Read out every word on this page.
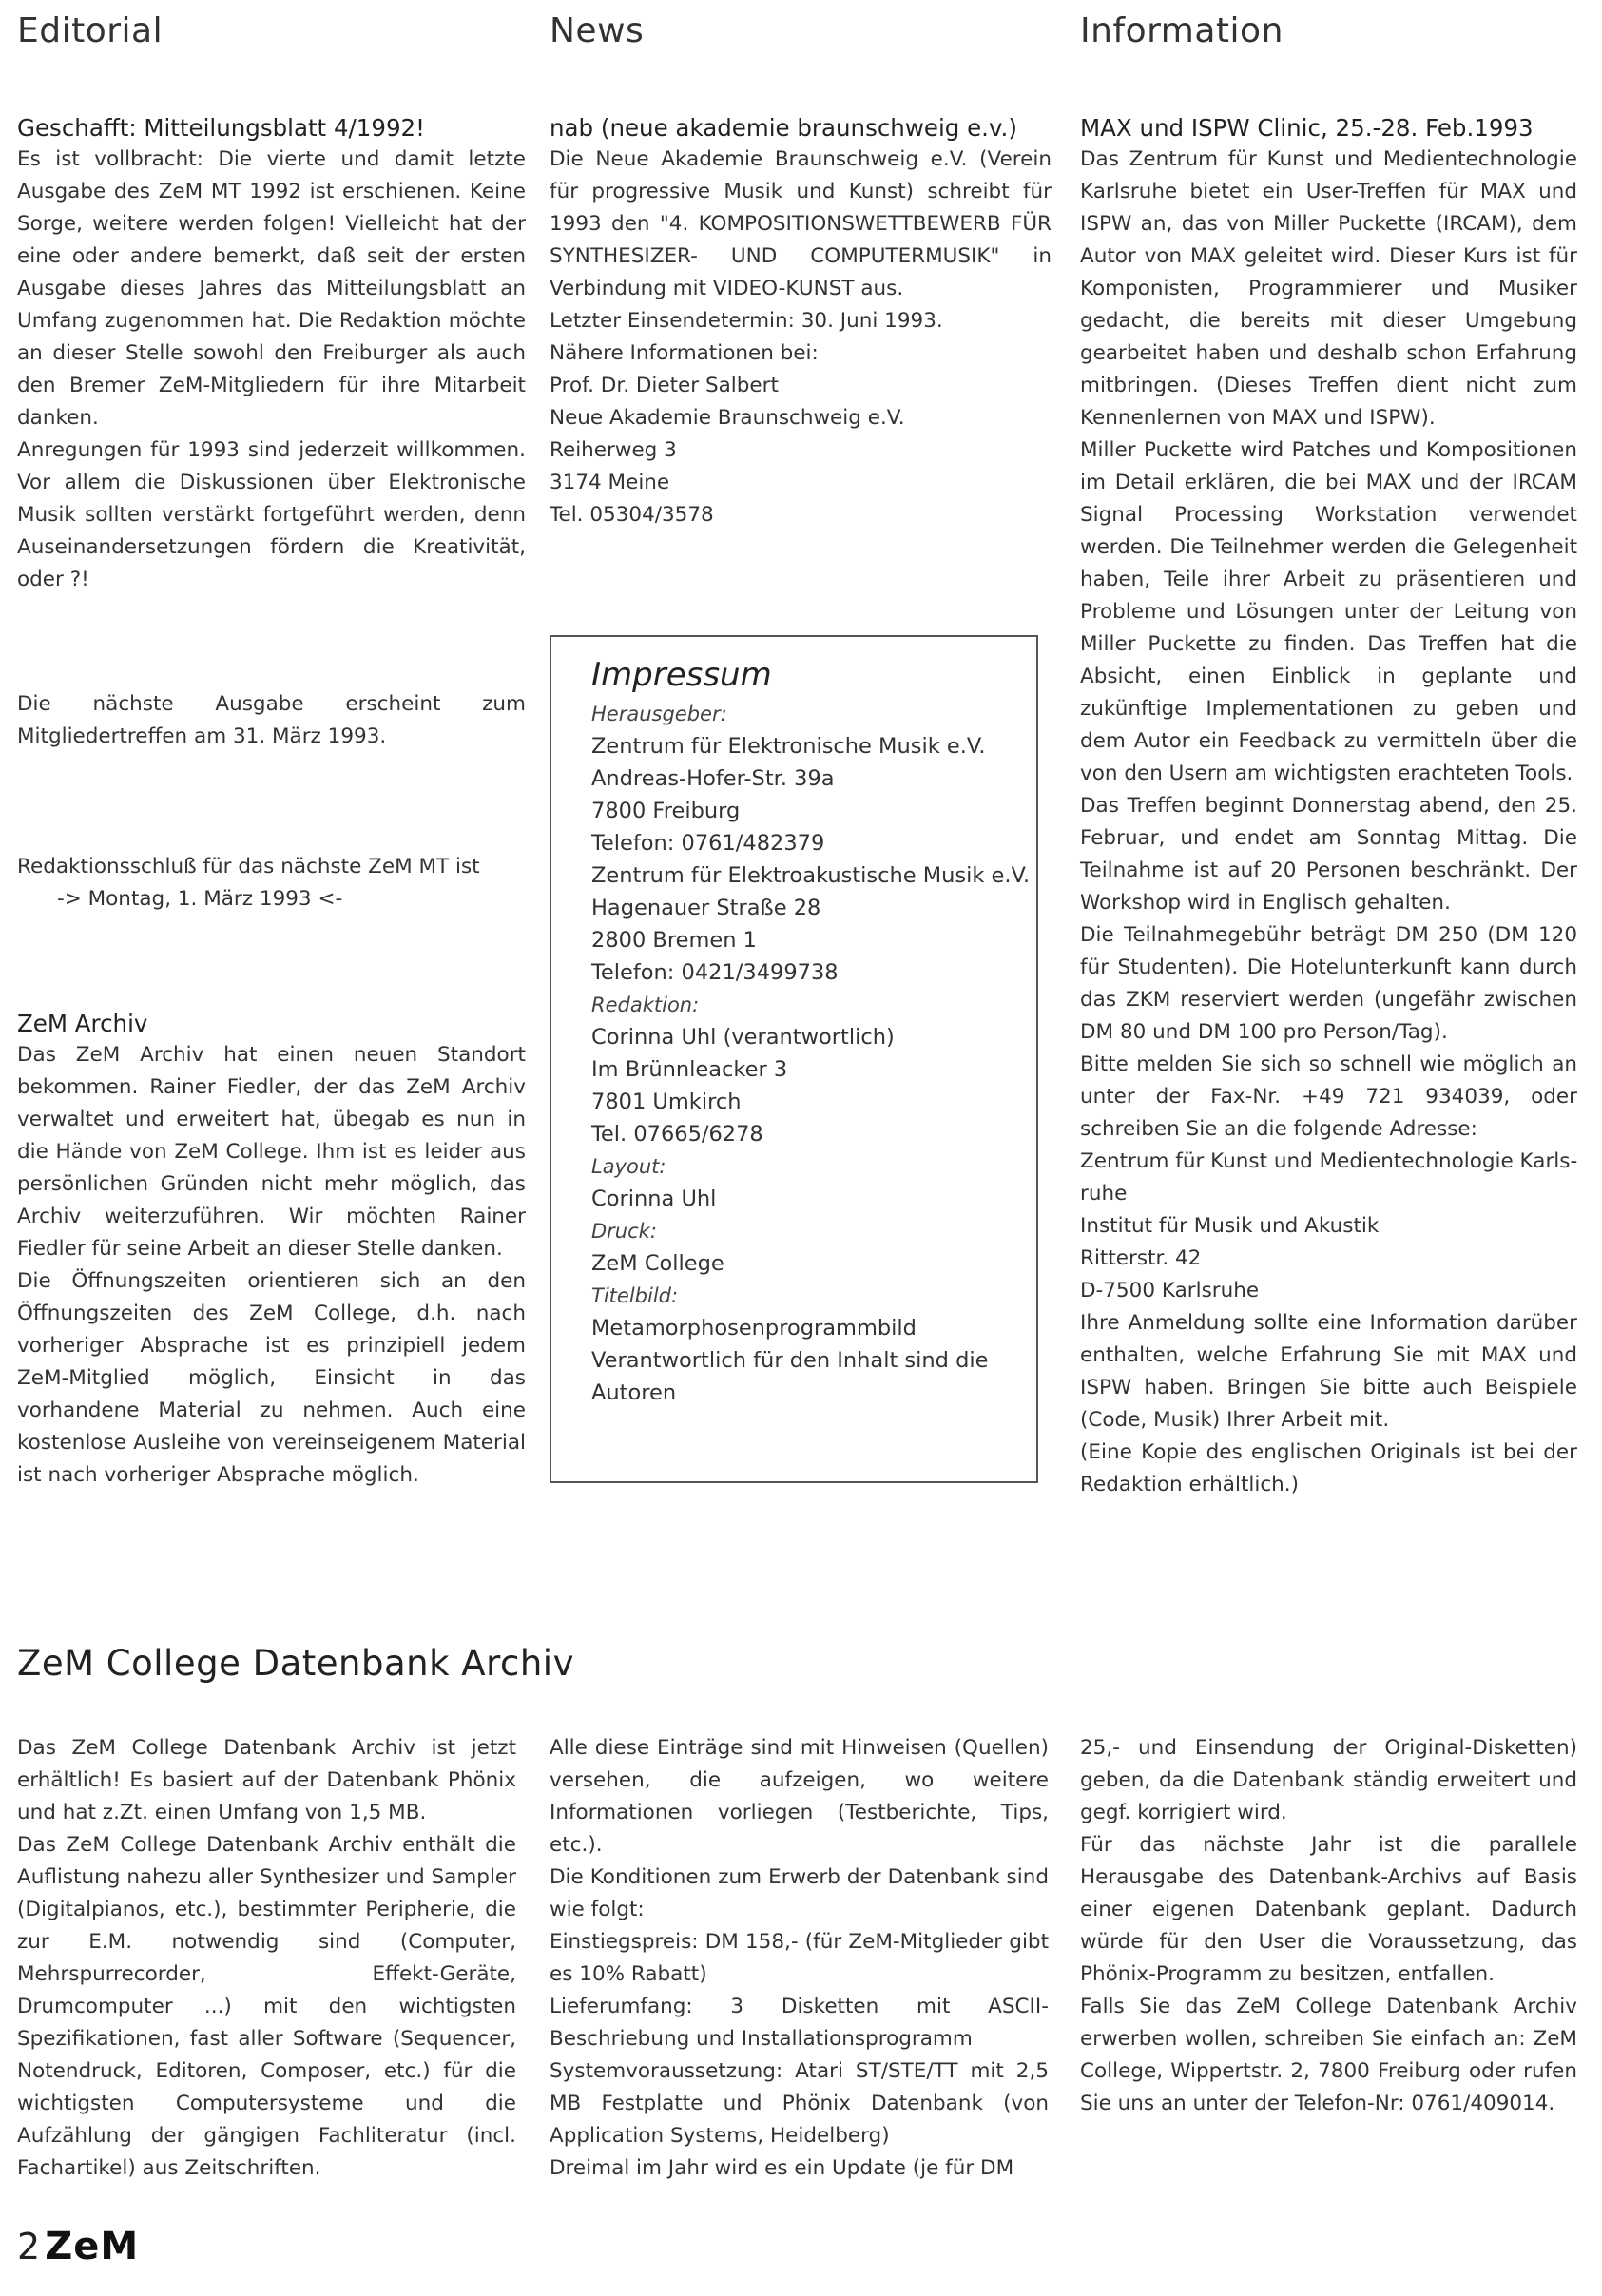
Editorial	News	Information
Geschafft: Mitteilungsblatt 4/1992!

Es ist vollbracht: Die vierte und damit letzte Ausgabe des ZeM MT 1992 ist erschienen. Keine Sorge, weitere werden folgen! Vielleicht hat der eine oder andere bemerkt, daß seit der ersten Ausgabe dieses Jahres das Mitteilungsblatt an Umfang zugenommen hat. Die Redaktion möchte an dieser Stelle sowohl den Freiburger als auch den Bremer ZeM-Mitgliedern für ihre Mitarbeit danken.

Anregungen für 1993 sind jederzeit willkommen. Vor allem die Diskussionen über Elektronische Musik sollten verstärkt fortgeführt werden, denn Auseinandersetzungen fördern die Kreativität, oder ?!

Die nächste Ausgabe erscheint zum Mitgliedertreffen am 31. März 1993.

Redaktionsschluß für das nächste ZeM MT ist
-> Montag, 1. März 1993 <-
ZeM Archiv

Das ZeM Archiv hat einen neuen Standort bekommen. Rainer Fiedler, der das ZeM Archiv verwaltet und erweitert hat, übegab es nun in die Hände von ZeM College. Ihm ist es leider aus persönlichen Gründen nicht mehr möglich, das Archiv weiterzuführen. Wir möchten Rainer Fiedler für seine Arbeit an dieser Stelle danken.

Die Öffnungszeiten orientieren sich an den Öffnungszeiten des ZeM College, d.h. nach vorheriger Absprache ist es prinzipiell jedem ZeM-Mitglied möglich, Einsicht in das vorhandene Material zu nehmen. Auch eine kostenlose Ausleihe von vereinseigenem Material ist nach vorheriger Absprache möglich.

nab (neue akademie braunschweig e.v.)

Die Neue Akademie Braunschweig e.V. (Verein für progressive Musik und Kunst) schreibt für 1993 den "4. KOMPOSITIONSWETTBEWERB FÜR SYNTHESIZER- UND COMPUTERMUSIK" in Verbindung mit VIDEO-KUNST aus.

Letzter Einsendetermin: 30. Juni 1993.
Nähere Informationen bei:
Prof. Dr. Dieter Salbert
Neue Akademie Braunschweig e.V.
Reiherweg 3
3174 Meine
Tel. 05304/3578
Impressum
Herausgeber:
Zentrum für Elektronische Musik e.V.
Andreas-Hofer-Str. 39a
7800 Freiburg
Telefon: 0761/482379
Zentrum für Elektroakustische Musik e.V.
Hagenauer Straße 28
2800 Bremen 1
Telefon: 0421/3499738
Redaktion:
Corinna Uhl (verantwortlich)
Im Brünnleacker 3
7801 Umkirch
Tel. 07665/6278
Layout:
Corinna Uhl
Druck:
ZeM College
Titelbild:
Metamorphosenprogrammbild
Verantwortlich für den Inhalt sind die
Autoren
MAX und ISPW Clinic, 25.-28. Feb.1993

Das Zentrum für Kunst und Medientechnologie Karlsruhe bietet ein User-Treffen für MAX und ISPW an, das von Miller Puckette (IRCAM), dem Autor von MAX geleitet wird. Dieser Kurs ist für Komponisten, Programmierer und Musiker gedacht, die bereits mit dieser Umgebung gearbeitet haben und deshalb schon Erfahrung mitbringen. (Dieses Treffen dient nicht zum Kennenlernen von MAX und ISPW).

Miller Puckette wird Patches und Kompositionen im Detail erklären, die bei MAX und der IRCAM Signal Processing Workstation verwendet werden. Die Teilnehmer werden die Gelegenheit haben, Teile ihrer Arbeit zu präsentieren und Probleme und Lösungen unter der Leitung von Miller Puckette zu finden. Das Treffen hat die Absicht, einen Einblick in geplante und zukünftige Implementationen zu geben und dem Autor ein Feedback zu vermitteln über die von den Usern am wichtigsten erachteten Tools.

Das Treffen beginnt Donnerstag abend, den 25. Februar, und endet am Sonntag Mittag. Die Teilnahme ist auf 20 Personen beschränkt. Der Workshop wird in Englisch gehalten.

Die Teilnahmegebühr beträgt DM 250 (DM 120 für Studenten). Die Hotelunterkunft kann durch das ZKM reserviert werden (ungefähr zwischen DM 80 und DM 100 pro Person/Tag).

Bitte melden Sie sich so schnell wie möglich an unter der Fax-Nr. +49 721 934039, oder schreiben Sie an die folgende Adresse:

Zentrum für Kunst und Medientechnologie Karls-
ruhe
Institut für Musik und Akustik
Ritterstr. 42
D-7500 Karlsruhe

Ihre Anmeldung sollte eine Information darüber enthalten, welche Erfahrung Sie mit MAX und ISPW haben. Bringen Sie bitte auch Beispiele (Code, Musik) Ihrer Arbeit mit.

(Eine Kopie des englischen Originals ist bei der Redaktion erhältlich.)

ZeM College Datenbank Archiv

Das ZeM College Datenbank Archiv ist jetzt erhältlich! Es basiert auf der Datenbank Phönix und hat z.Zt. einen Umfang von 1,5 MB.

Das ZeM College Datenbank Archiv enthält die Auflistung nahezu aller Synthesizer und Sampler (Digitalpianos, etc.), bestimmter Peripherie, die zur E.M. notwendig sind (Computer, Mehrspurrecorder, Effekt-Geräte, Drumcomputer ...) mit den wichtigsten Spezifikationen, fast aller Software (Sequencer, Notendruck, Editoren, Composer, etc.) für die wichtigsten Computersysteme und die Aufzählung der gängigen Fachliteratur (incl. Fachartikel) aus Zeitschriften.

Alle diese Einträge sind mit Hinweisen (Quellen) versehen, die aufzeigen, wo weitere Informationen vorliegen (Testberichte, Tips, etc.).

Die Konditionen zum Erwerb der Datenbank sind wie folgt:

Einstiegspreis: DM 158,- (für ZeM-Mitglieder gibt es 10% Rabatt)

Lieferumfang: 3 Disketten mit ASCII-Beschriebung und Installationsprogramm

Systemvoraussetzung: Atari ST/STE/TT mit 2,5 MB Festplatte und Phönix Datenbank (von Application Systems, Heidelberg)

Dreimal im Jahr wird es ein Update (je für DM

25,- und Einsendung der Original-Disketten) geben, da die Datenbank ständig erweitert und gegf. korrigiert wird.

Für das nächste Jahr ist die parallele Herausgabe des Datenbank-Archivs auf Basis einer eigenen Datenbank geplant. Dadurch würde für den User die Voraussetzung, das Phönix-Programm zu besitzen, entfallen.

Falls Sie das ZeM College Datenbank Archiv erwerben wollen, schreiben Sie einfach an: ZeM College, Wippertstr. 2, 7800 Freiburg oder rufen Sie uns an unter der Telefon-Nr: 0761/409014.

2 ZeM
